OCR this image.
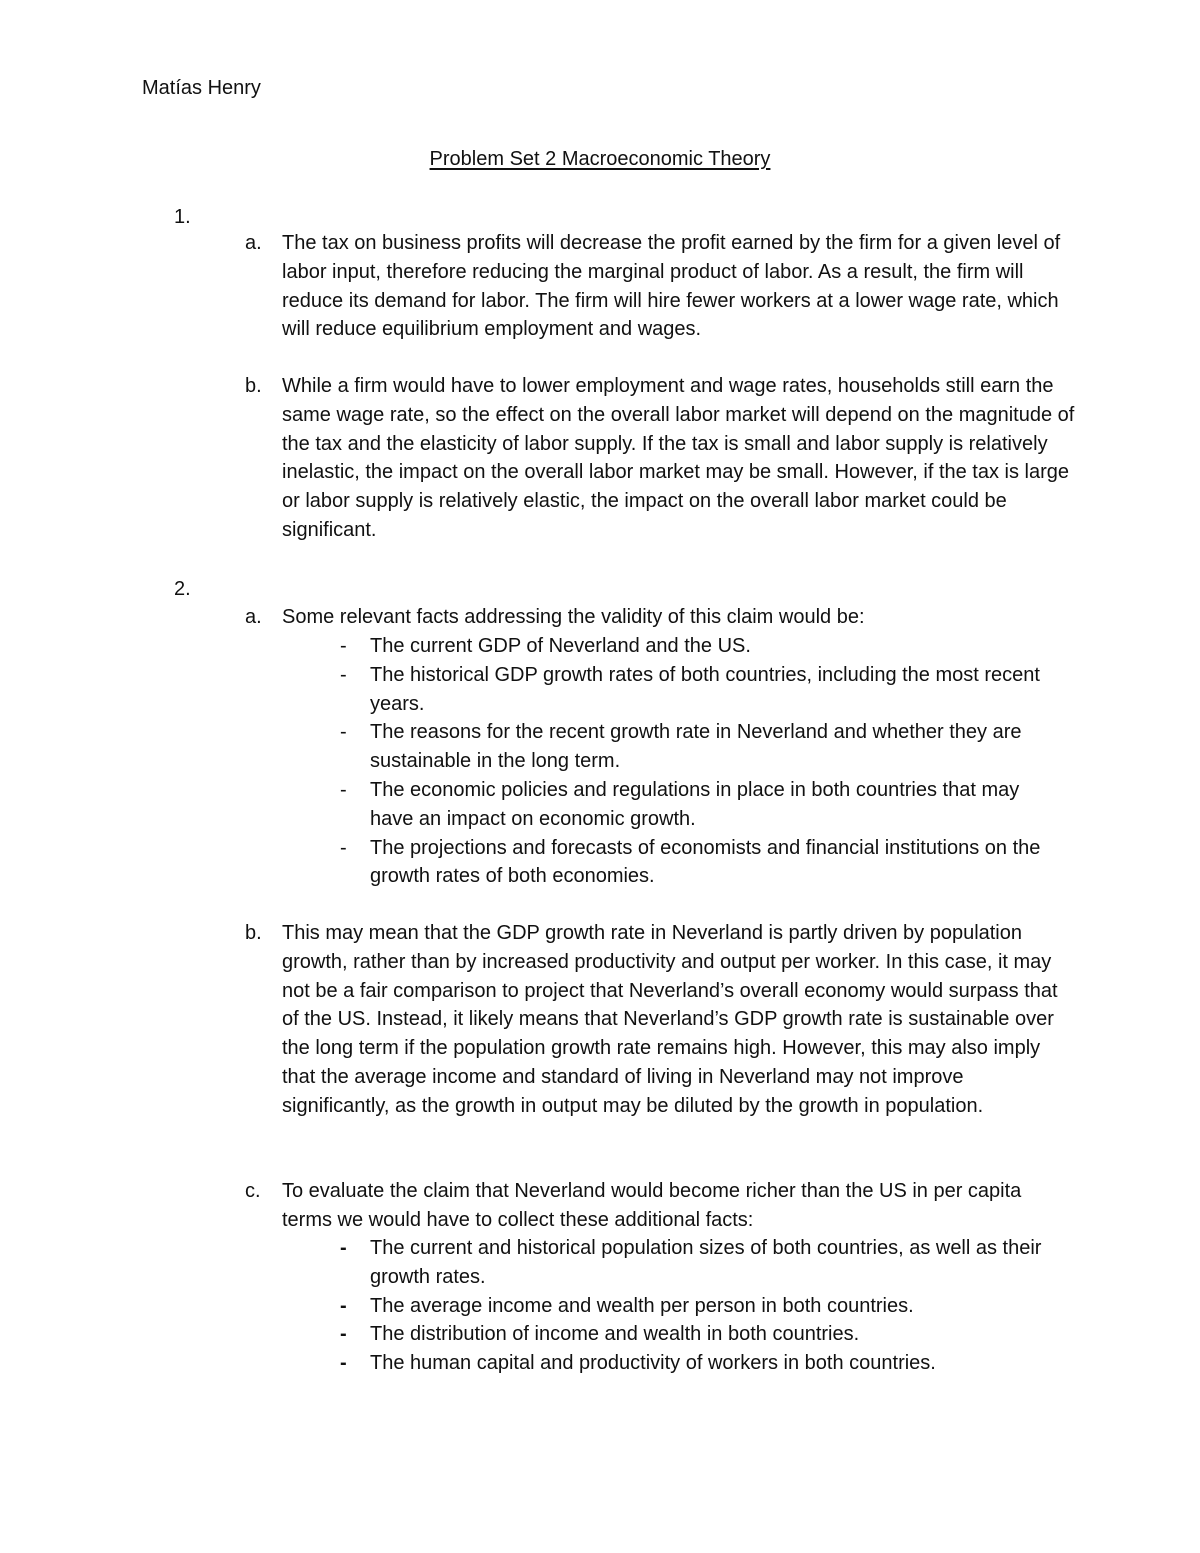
Matías Henry
Problem Set 2 Macroeconomic Theory
1.
a. The tax on business profits will decrease the profit earned by the firm for a given level of labor input, therefore reducing the marginal product of labor. As a result, the firm will reduce its demand for labor. The firm will hire fewer workers at a lower wage rate, which will reduce equilibrium employment and wages.
b. While a firm would have to lower employment and wage rates, households still earn the same wage rate, so the effect on the overall labor market will depend on the magnitude of the tax and the elasticity of labor supply. If the tax is small and labor supply is relatively inelastic, the impact on the overall labor market may be small. However, if the tax is large or labor supply is relatively elastic, the impact on the overall labor market could be significant.
2.
a. Some relevant facts addressing the validity of this claim would be:
- The current GDP of Neverland and the US.
- The historical GDP growth rates of both countries, including the most recent years.
- The reasons for the recent growth rate in Neverland and whether they are sustainable in the long term.
- The economic policies and regulations in place in both countries that may have an impact on economic growth.
- The projections and forecasts of economists and financial institutions on the growth rates of both economies.
b. This may mean that the GDP growth rate in Neverland is partly driven by population growth, rather than by increased productivity and output per worker. In this case, it may not be a fair comparison to project that Neverland’s overall economy would surpass that of the US. Instead, it likely means that Neverland’s GDP growth rate is sustainable over the long term if the population growth rate remains high. However, this may also imply that the average income and standard of living in Neverland may not improve significantly, as the growth in output may be diluted by the growth in population.
c. To evaluate the claim that Neverland would become richer than the US in per capita terms we would have to collect these additional facts:
- The current and historical population sizes of both countries, as well as their growth rates.
- The average income and wealth per person in both countries.
- The distribution of income and wealth in both countries.
- The human capital and productivity of workers in both countries.
